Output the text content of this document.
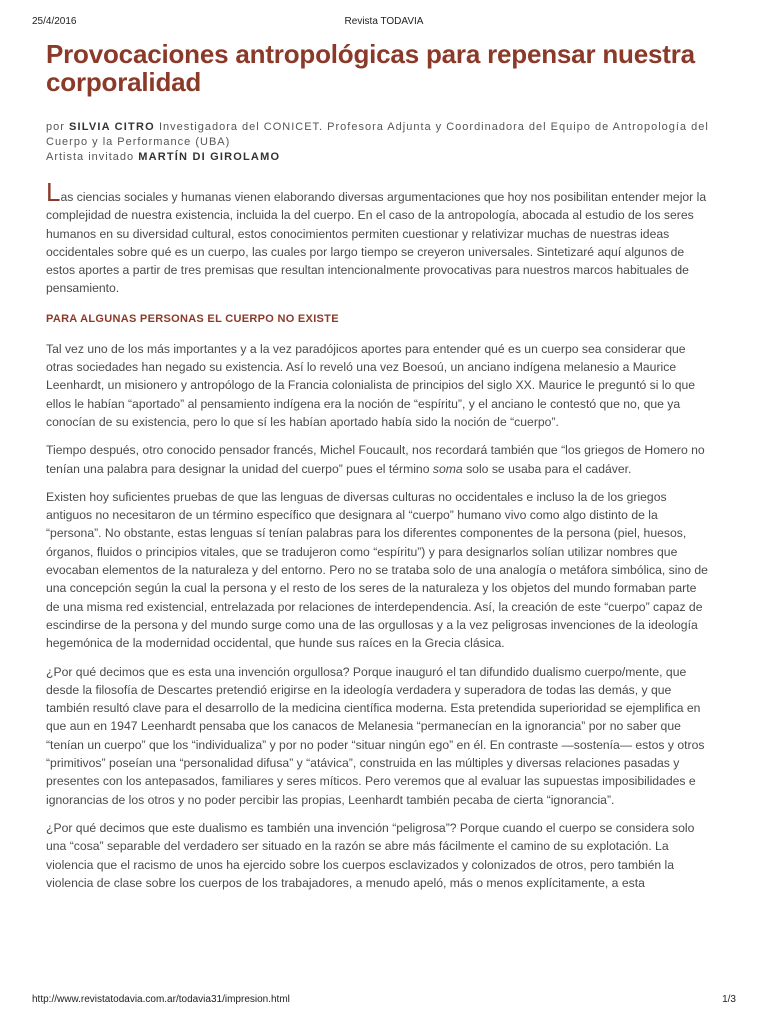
25/4/2016	Revista TODAVIA
Provocaciones antropológicas para repensar nuestra corporalidad
por SILVIA CITRO Investigadora del CONICET. Profesora Adjunta y Coordinadora del Equipo de Antropología del Cuerpo y la Performance (UBA)
Artista invitado MARTÍN DI GIROLAMO

Las ciencias sociales y humanas vienen elaborando diversas argumentaciones que hoy nos posibilitan entender mejor la complejidad de nuestra existencia, incluida la del cuerpo. En el caso de la antropología, abocada al estudio de los seres humanos en su diversidad cultural, estos conocimientos permiten cuestionar y relativizar muchas de nuestras ideas occidentales sobre qué es un cuerpo, las cuales por largo tiempo se creyeron universales. Sintetizaré aquí algunos de estos aportes a partir de tres premisas que resultan intencionalmente provocativas para nuestros marcos habituales de pensamiento.

PARA ALGUNAS PERSONAS EL CUERPO NO EXISTE

Tal vez uno de los más importantes y a la vez paradójicos aportes para entender qué es un cuerpo sea considerar que otras sociedades han negado su existencia. Así lo reveló una vez Boesoú, un anciano indígena melanesio a Maurice Leenhardt, un misionero y antropólogo de la Francia colonialista de principios del siglo XX. Maurice le preguntó si lo que ellos le habían “aportado” al pensamiento indígena era la noción de “espíritu”, y el anciano le contestó que no, que ya conocían de su existencia, pero lo que sí les habían aportado había sido la noción de “cuerpo”.

Tiempo después, otro conocido pensador francés, Michel Foucault, nos recordará también que “los griegos de Homero no tenían una palabra para designar la unidad del cuerpo” pues el término soma solo se usaba para el cadáver.

Existen hoy suficientes pruebas de que las lenguas de diversas culturas no occidentales e incluso la de los griegos antiguos no necesitaron de un término específico que designara al “cuerpo” humano vivo como algo distinto de la “persona”. No obstante, estas lenguas sí tenían palabras para los diferentes componentes de la persona (piel, huesos, órganos, fluidos o principios vitales, que se tradujeron como “espíritu”) y para designarlos solían utilizar nombres que evocaban elementos de la naturaleza y del entorno. Pero no se trataba solo de una analogía o metáfora simbólica, sino de una concepción según la cual la persona y el resto de los seres de la naturaleza y los objetos del mundo formaban parte de una misma red existencial, entrelazada por relaciones de interdependencia. Así, la creación de este “cuerpo” capaz de escindirse de la persona y del mundo surge como una de las orgullosas y a la vez peligrosas invenciones de la ideología hegemónica de la modernidad occidental, que hunde sus raíces en la Grecia clásica.

¿Por qué decimos que es esta una invención orgullosa? Porque inauguró el tan difundido dualismo cuerpo/mente, que desde la filosofía de Descartes pretendió erigirse en la ideología verdadera y superadora de todas las demás, y que también resultó clave para el desarrollo de la medicina científica moderna. Esta pretendida superioridad se ejemplifica en que aun en 1947 Leenhardt pensaba que los canacos de Melanesia “permanecían en la ignorancia” por no saber que “tenían un cuerpo” que los “individualiza” y por no poder “situar ningún ego” en él. En contraste —sostenía— estos y otros “primitivos” poseían una “personalidad difusa” y “atávica”, construida en las múltiples y diversas relaciones pasadas y presentes con los antepasados, familiares y seres míticos. Pero veremos que al evaluar las supuestas imposibilidades e ignorancias de los otros y no poder percibir las propias, Leenhardt también pecaba de cierta “ignorancia”.

¿Por qué decimos que este dualismo es también una invención “peligrosa”? Porque cuando el cuerpo se considera solo una “cosa” separable del verdadero ser situado en la razón se abre más fácilmente el camino de su explotación. La violencia que el racismo de unos ha ejercido sobre los cuerpos esclavizados y colonizados de otros, pero también la violencia de clase sobre los cuerpos de los trabajadores, a menudo apeló, más o menos explícitamente, a esta

http://www.revistatodavia.com.ar/todavia31/impresion.html	1/3
